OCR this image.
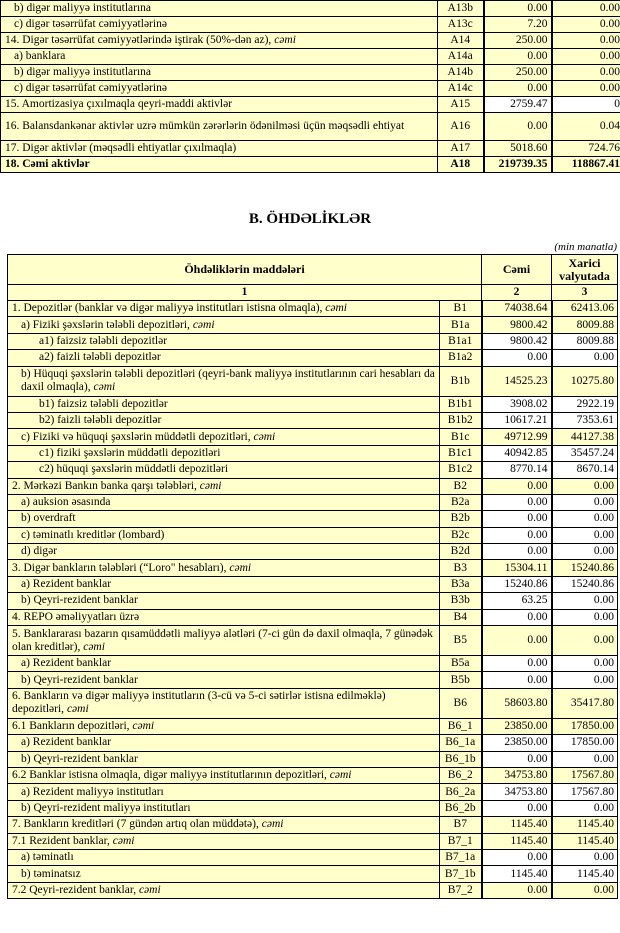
b) digər maliyyə institutlarına	A13b	0.00	0.00
c) digər təsərrüfat cəmiyyətlərinə	A13c	7.20	0.00
14. Digər təsərrüfat cəmiyyətlərində iştirak (50%-dən az), cəmi	A14	250.00	0.00
a) banklara	A14a	0.00	0.00
b) digər maliyyə institutlarına	A14b	250.00	0.00
c) digər təsərrüfat cəmiyyətlərinə	A14c	0.00	0.00
15. Amortizasiya çıxılmaqla qeyri-maddi aktivlər	A15	2759.47	0
16. Balansdankənar aktivlər uzrə mümkün zərərlərin ödənilməsi üçün məqsədli ehtiyat	A16	0.00	0.04
17. Digər aktivlər (məqsədli ehtiyatlar çıxılmaqla)	A17	5018.60	724.76
18. Cəmi aktivlər	A18	219739.35	118867.41
B. ÖHDƏLİKLƏR
(min manatla)
Öhdəliklərin maddələri		Cəmi	Xarici valyutada
1		2	3
1. Depozitlər (banklar və digər maliyyə institutları istisna olmaqla), cəmi	B1	74038.64	62413.06
a) Fiziki şəxslərin tələbli depozitləri, cəmi	B1a	9800.42	8009.88
a1) faizsiz tələbli depozitlər	B1a1	9800.42	8009.88
a2) faizli tələbli depozitlər	B1a2	0.00	0.00
b) Hüquqi şəxslərin tələbli depozitləri (qeyri-bank maliyyə institutlarının cari hesabları da daxil olmaqla), cəmi	B1b	14525.23	10275.80
b1) faizsiz tələbli depozitlər	B1b1	3908.02	2922.19
b2) faizli tələbli depozitlər	B1b2	10617.21	7353.61
c) Fiziki və hüquqi şəxslərin müddətli depozitləri, cəmi	B1c	49712.99	44127.38
c1) fiziki şəxslərin müddətli depozitləri	B1c1	40942.85	35457.24
c2) hüquqi şəxslərin müddətli depozitləri	B1c2	8770.14	8670.14
2. Mərkəzi Bankın banka qarşı tələbləri, cəmi	B2	0.00	0.00
a) auksion əsasında	B2a	0.00	0.00
b) overdraft	B2b	0.00	0.00
c) təminatlı kreditlər (lombard)	B2c	0.00	0.00
d) digər	B2d	0.00	0.00
3. Digər bankların tələbləri (“Loro" hesabları), cəmi	B3	15304.11	15240.86
a) Rezident banklar	B3a	15240.86	15240.86
b) Qeyri-rezident banklar	B3b	63.25	0.00
4. REPO əməliyyatları üzrə	B4	0.00	0.00
5. Banklararası bazarın qısamüddətli maliyyə alətləri (7-ci gün də daxil olmaqla, 7 günədək olan kreditlər), cəmi	B5	0.00	0.00
a) Rezident banklar	B5a	0.00	0.00
b) Qeyri-rezident banklar	B5b	0.00	0.00
6. Bankların və digər maliyyə institutların (3-cü və 5-ci sətirlər istisna edilməklə) depozitləri, cəmi	B6	58603.80	35417.80
6.1 Bankların depozitləri, cəmi	B6_1	23850.00	17850.00
a) Rezident banklar	B6_1a	23850.00	17850.00
b) Qeyri-rezident banklar	B6_1b	0.00	0.00
6.2 Banklar istisna olmaqla, digər maliyyə institutlarının depozitləri, cəmi	B6_2	34753.80	17567.80
a) Rezident maliyyə institutları	B6_2a	34753.80	17567.80
b) Qeyri-rezident maliyyə institutları	B6_2b	0.00	0.00
7. Bankların kreditləri (7 gündən artıq olan müddətə), cəmi	B7	1145.40	1145.40
7.1 Rezident banklar, cəmi	B7_1	1145.40	1145.40
a) təminatlı	B7_1a	0.00	0.00
b) təminatsız	B7_1b	1145.40	1145.40
7.2 Qeyri-rezident banklar, cəmi	B7_2	0.00	0.00
